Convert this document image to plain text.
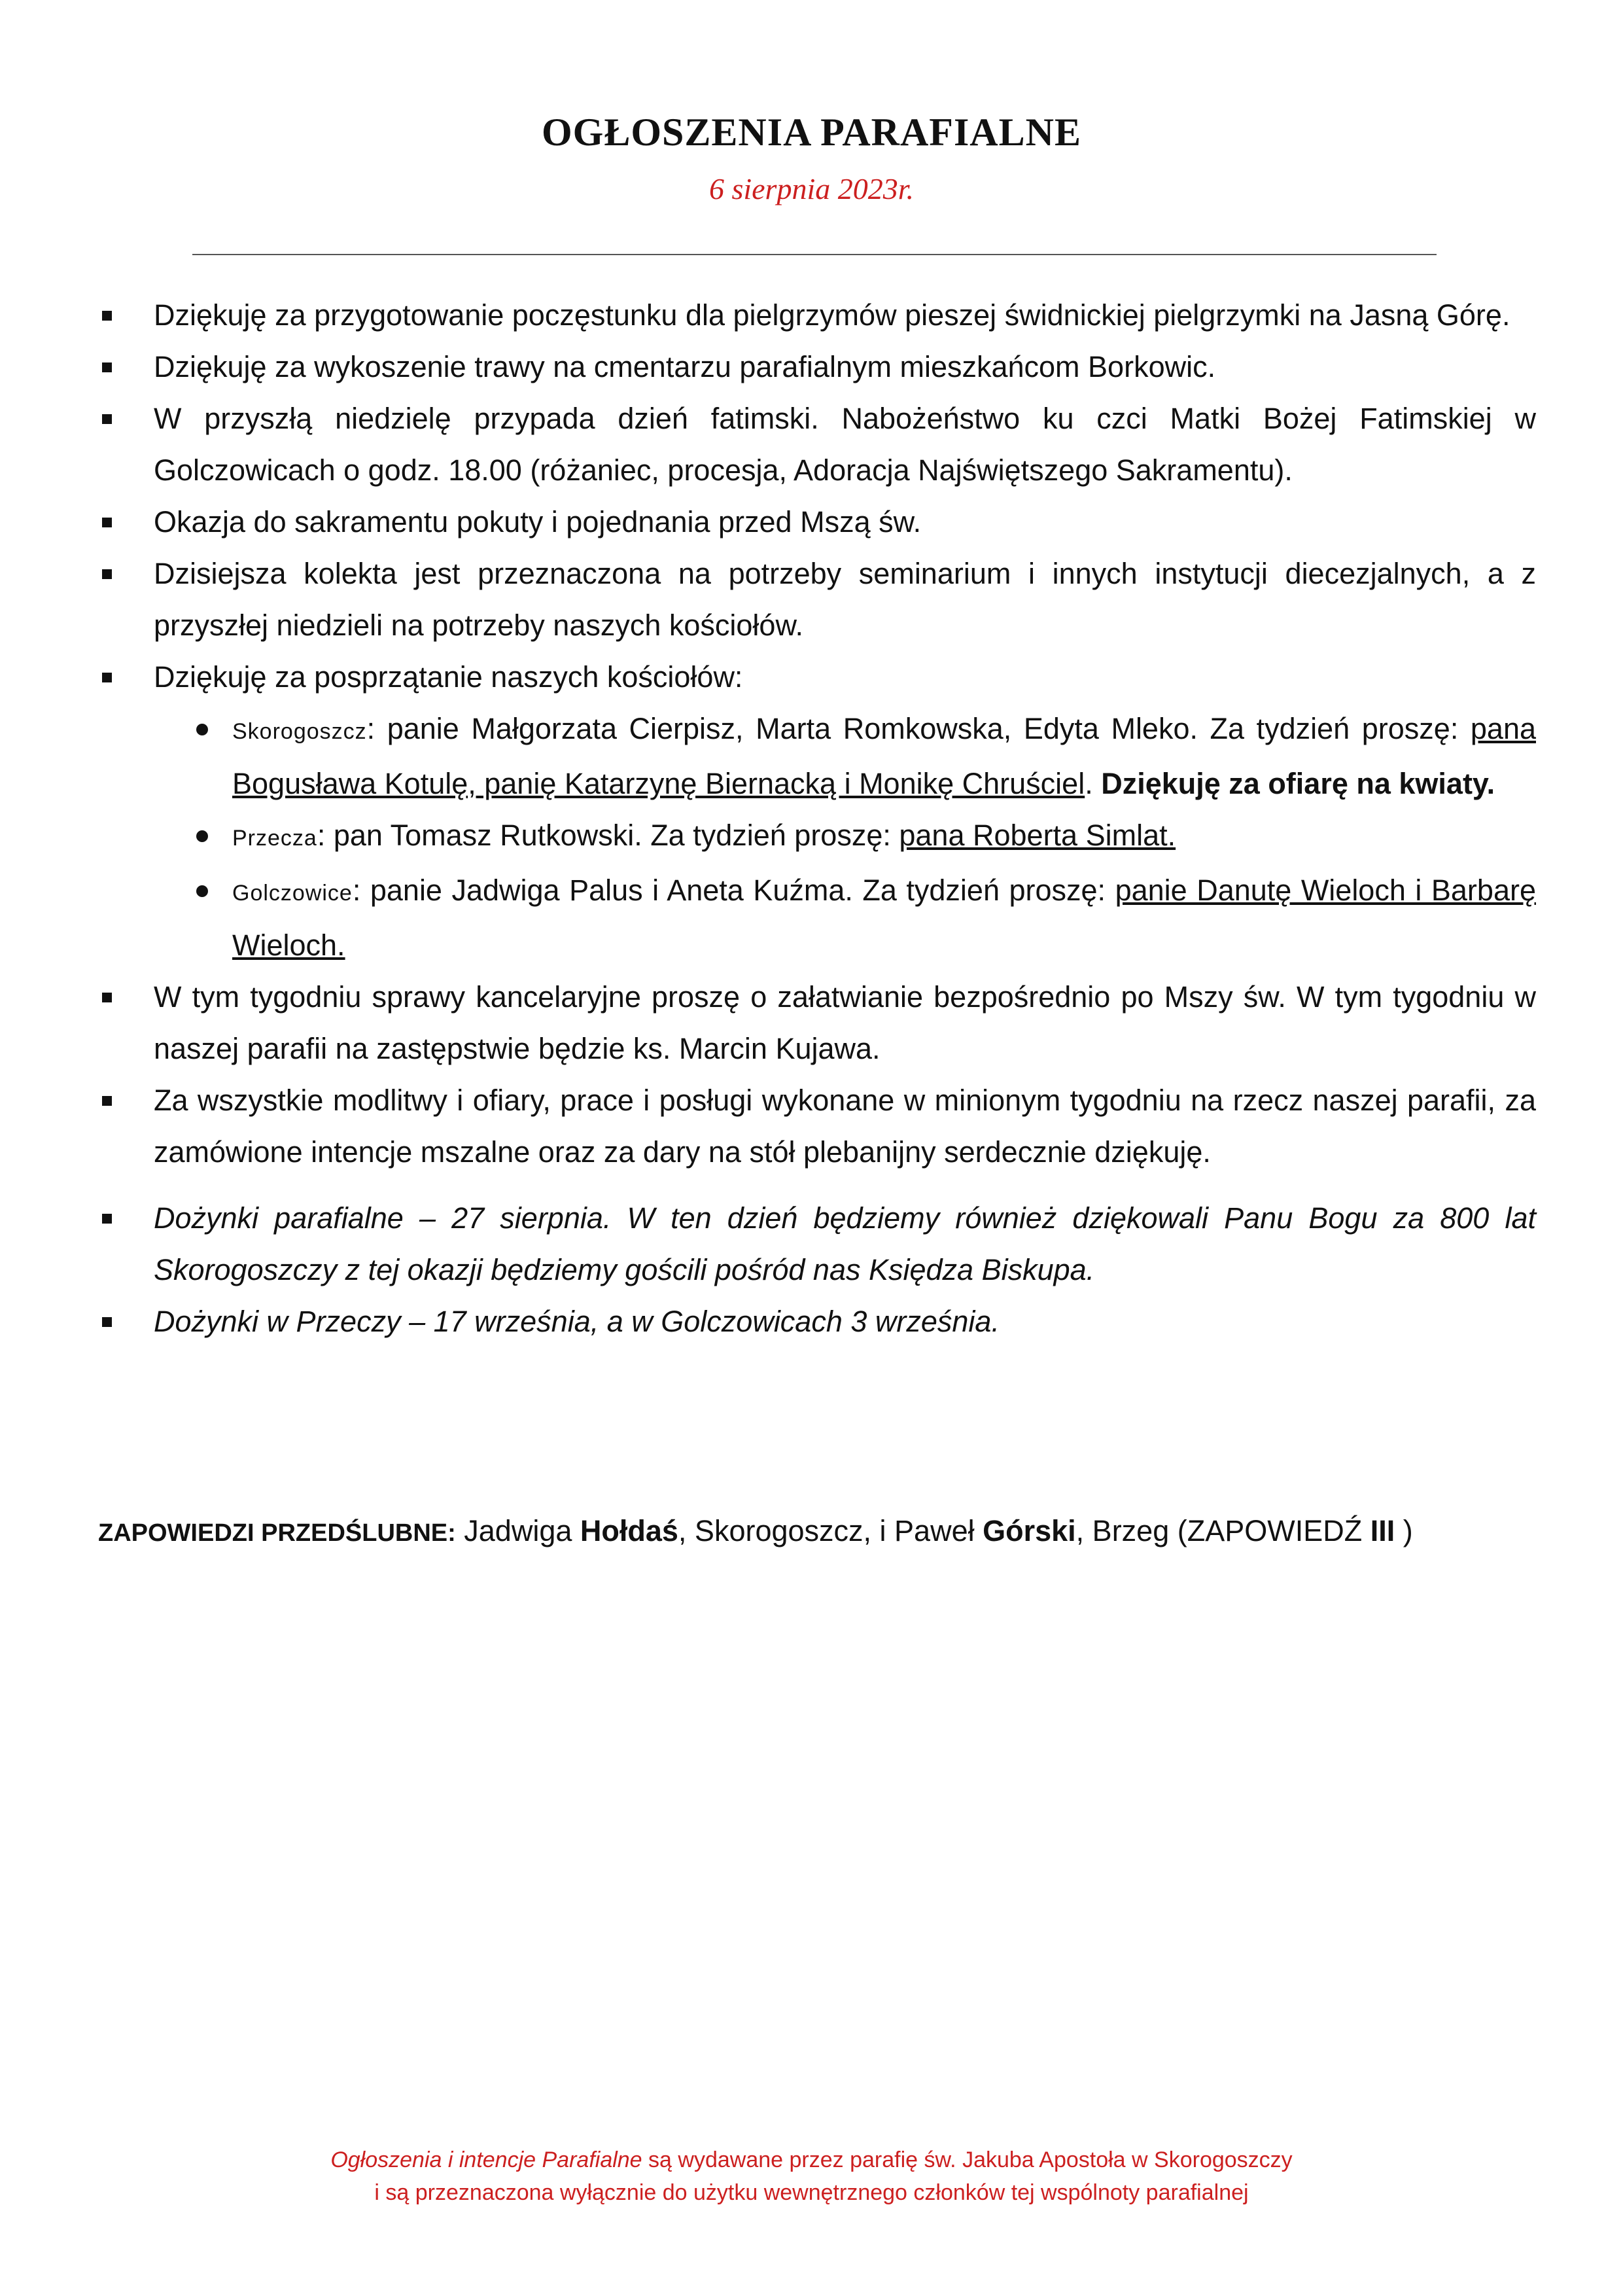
OGŁOSZENIA PARAFIALNE
6 sierpnia 2023r.
Dziękuję za przygotowanie poczęstunku dla pielgrzymów pieszej świdnickiej pielgrzymki na Jasną Górę.
Dziękuję za wykoszenie trawy na cmentarzu parafialnym mieszkańcom Borkowic.
W przyszłą niedzielę przypada dzień fatimski. Nabożeństwo ku czci Matki Bożej Fatimskiej w Golczowicach o godz. 18.00 (różaniec, procesja, Adoracja Najświętszego Sakramentu).
Okazja do sakramentu pokuty i pojednania przed Mszą św.
Dzisiejsza kolekta jest przeznaczona na potrzeby seminarium i innych instytucji diecezjalnych, a z przyszłej niedzieli na potrzeby naszych kościołów.
Dziękuję za posprzątanie naszych kościołów:
Skorogoszcz: panie Małgorzata Cierpisz, Marta Romkowska, Edyta Mleko. Za tydzień proszę: pana Bogusława Kotulę, panię Katarzynę Biernacką i Monikę Chruściel. Dziękuję za ofiarę na kwiaty.
Przecza: pan Tomasz Rutkowski. Za tydzień proszę: pana Roberta Simlat.
Golczowice: panie Jadwiga Palus i Aneta Kuźma. Za tydzień proszę: panie Danutę Wieloch i Barbarę Wieloch.
W tym tygodniu sprawy kancelaryjne proszę o załatwianie bezpośrednio po Mszy św. W tym tygodniu w naszej parafii na zastępstwie będzie ks. Marcin Kujawa.
Za wszystkie modlitwy i ofiary, prace i posługi wykonane w minionym tygodniu na rzecz naszej parafii, za zamówione intencje mszalne oraz za dary na stół plebanijny serdecznie dziękuję.
Dożynki parafialne – 27 sierpnia. W ten dzień będziemy również dziękowali Panu Bogu za 800 lat Skorogoszczy z tej okazji będziemy gościli pośród nas Księdza Biskupa.
Dożynki w Przeczy – 17 września, a w Golczowicach 3 września.
ZAPOWIEDZI PRZEDŚLUBNE: Jadwiga Hołdaś, Skorogoszcz, i Paweł Górski, Brzeg (ZAPOWIEDŹ III )
Ogłoszenia i intencje Parafialne są wydawane przez parafię św. Jakuba Apostoła w Skorogoszczy
i są przeznaczona wyłącznie do użytku wewnętrznego członków tej wspólnoty parafialnej
